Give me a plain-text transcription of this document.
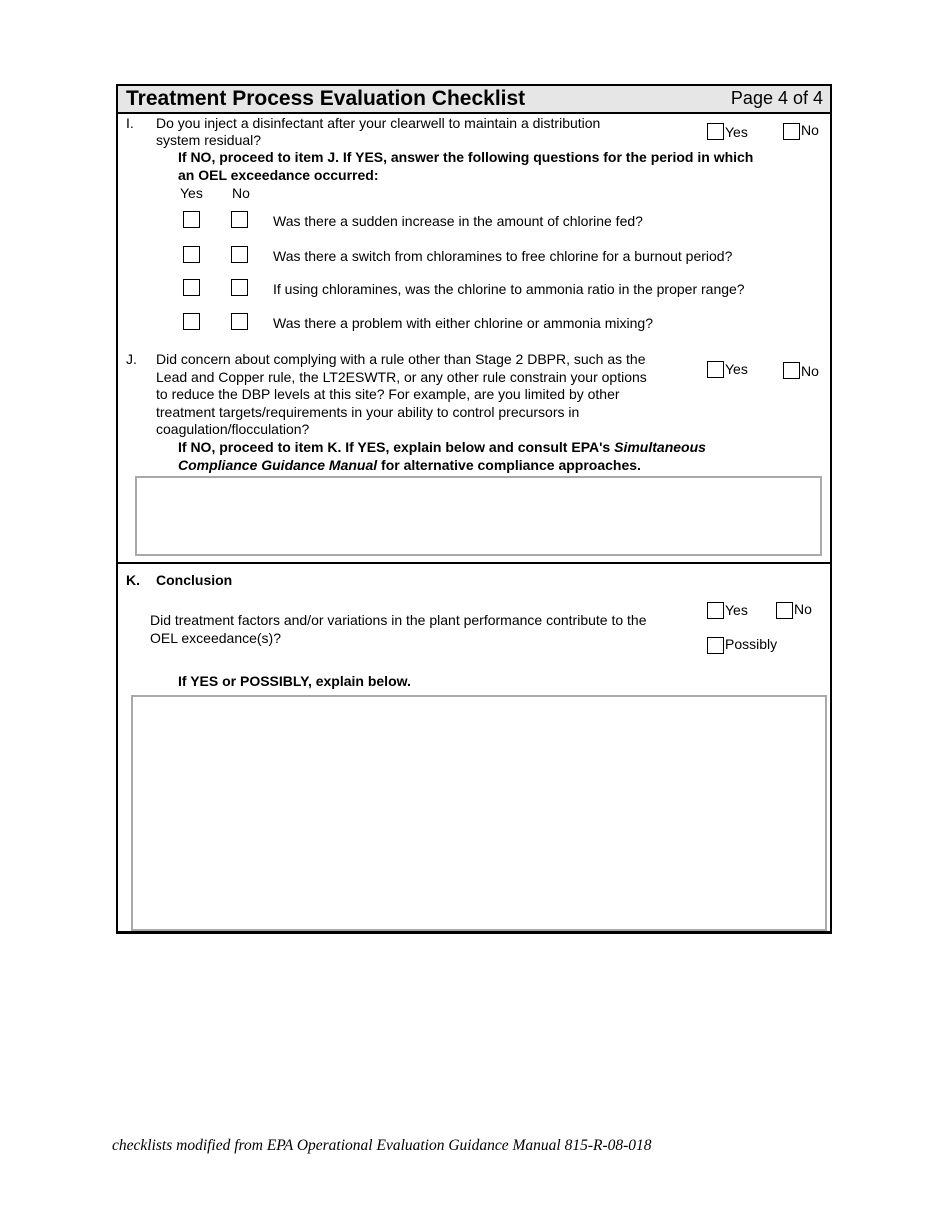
Treatment Process Evaluation Checklist	Page 4 of 4
I. Do you inject a disinfectant after your clearwell to maintain a distribution
system residual?	Yes	No
If NO, proceed to item J. If YES, answer the following questions for the period in which
an OEL exceedance occurred:
Yes No
Was there a sudden increase in the amount of chlorine fed?
Was there a switch from chloramines to free chlorine for a burnout period?
If using chloramines, was the chlorine to ammonia ratio in the proper range?
Was there a problem with either chlorine or ammonia mixing?
J. Did concern about complying with a rule other than Stage 2 DBPR, such as the
Lead and Copper rule, the LT2ESWTR, or any other rule constrain your options
to reduce the DBP levels at this site? For example, are you limited by other
treatment targets/requirements in your ability to control precursors in
coagulation/flocculation?
Yes	No
If NO, proceed to item K. If YES, explain below and consult EPA's Simultaneous
Compliance Guidance Manual for alternative compliance approaches.
K. Conclusion
Did treatment factors and/or variations in the plant performance contribute to the
OEL exceedance(s)?
Yes	No
Possibly
If YES or POSSIBLY, explain below.
checklists modified from EPA Operational Evaluation Guidance Manual 815-R-08-018
